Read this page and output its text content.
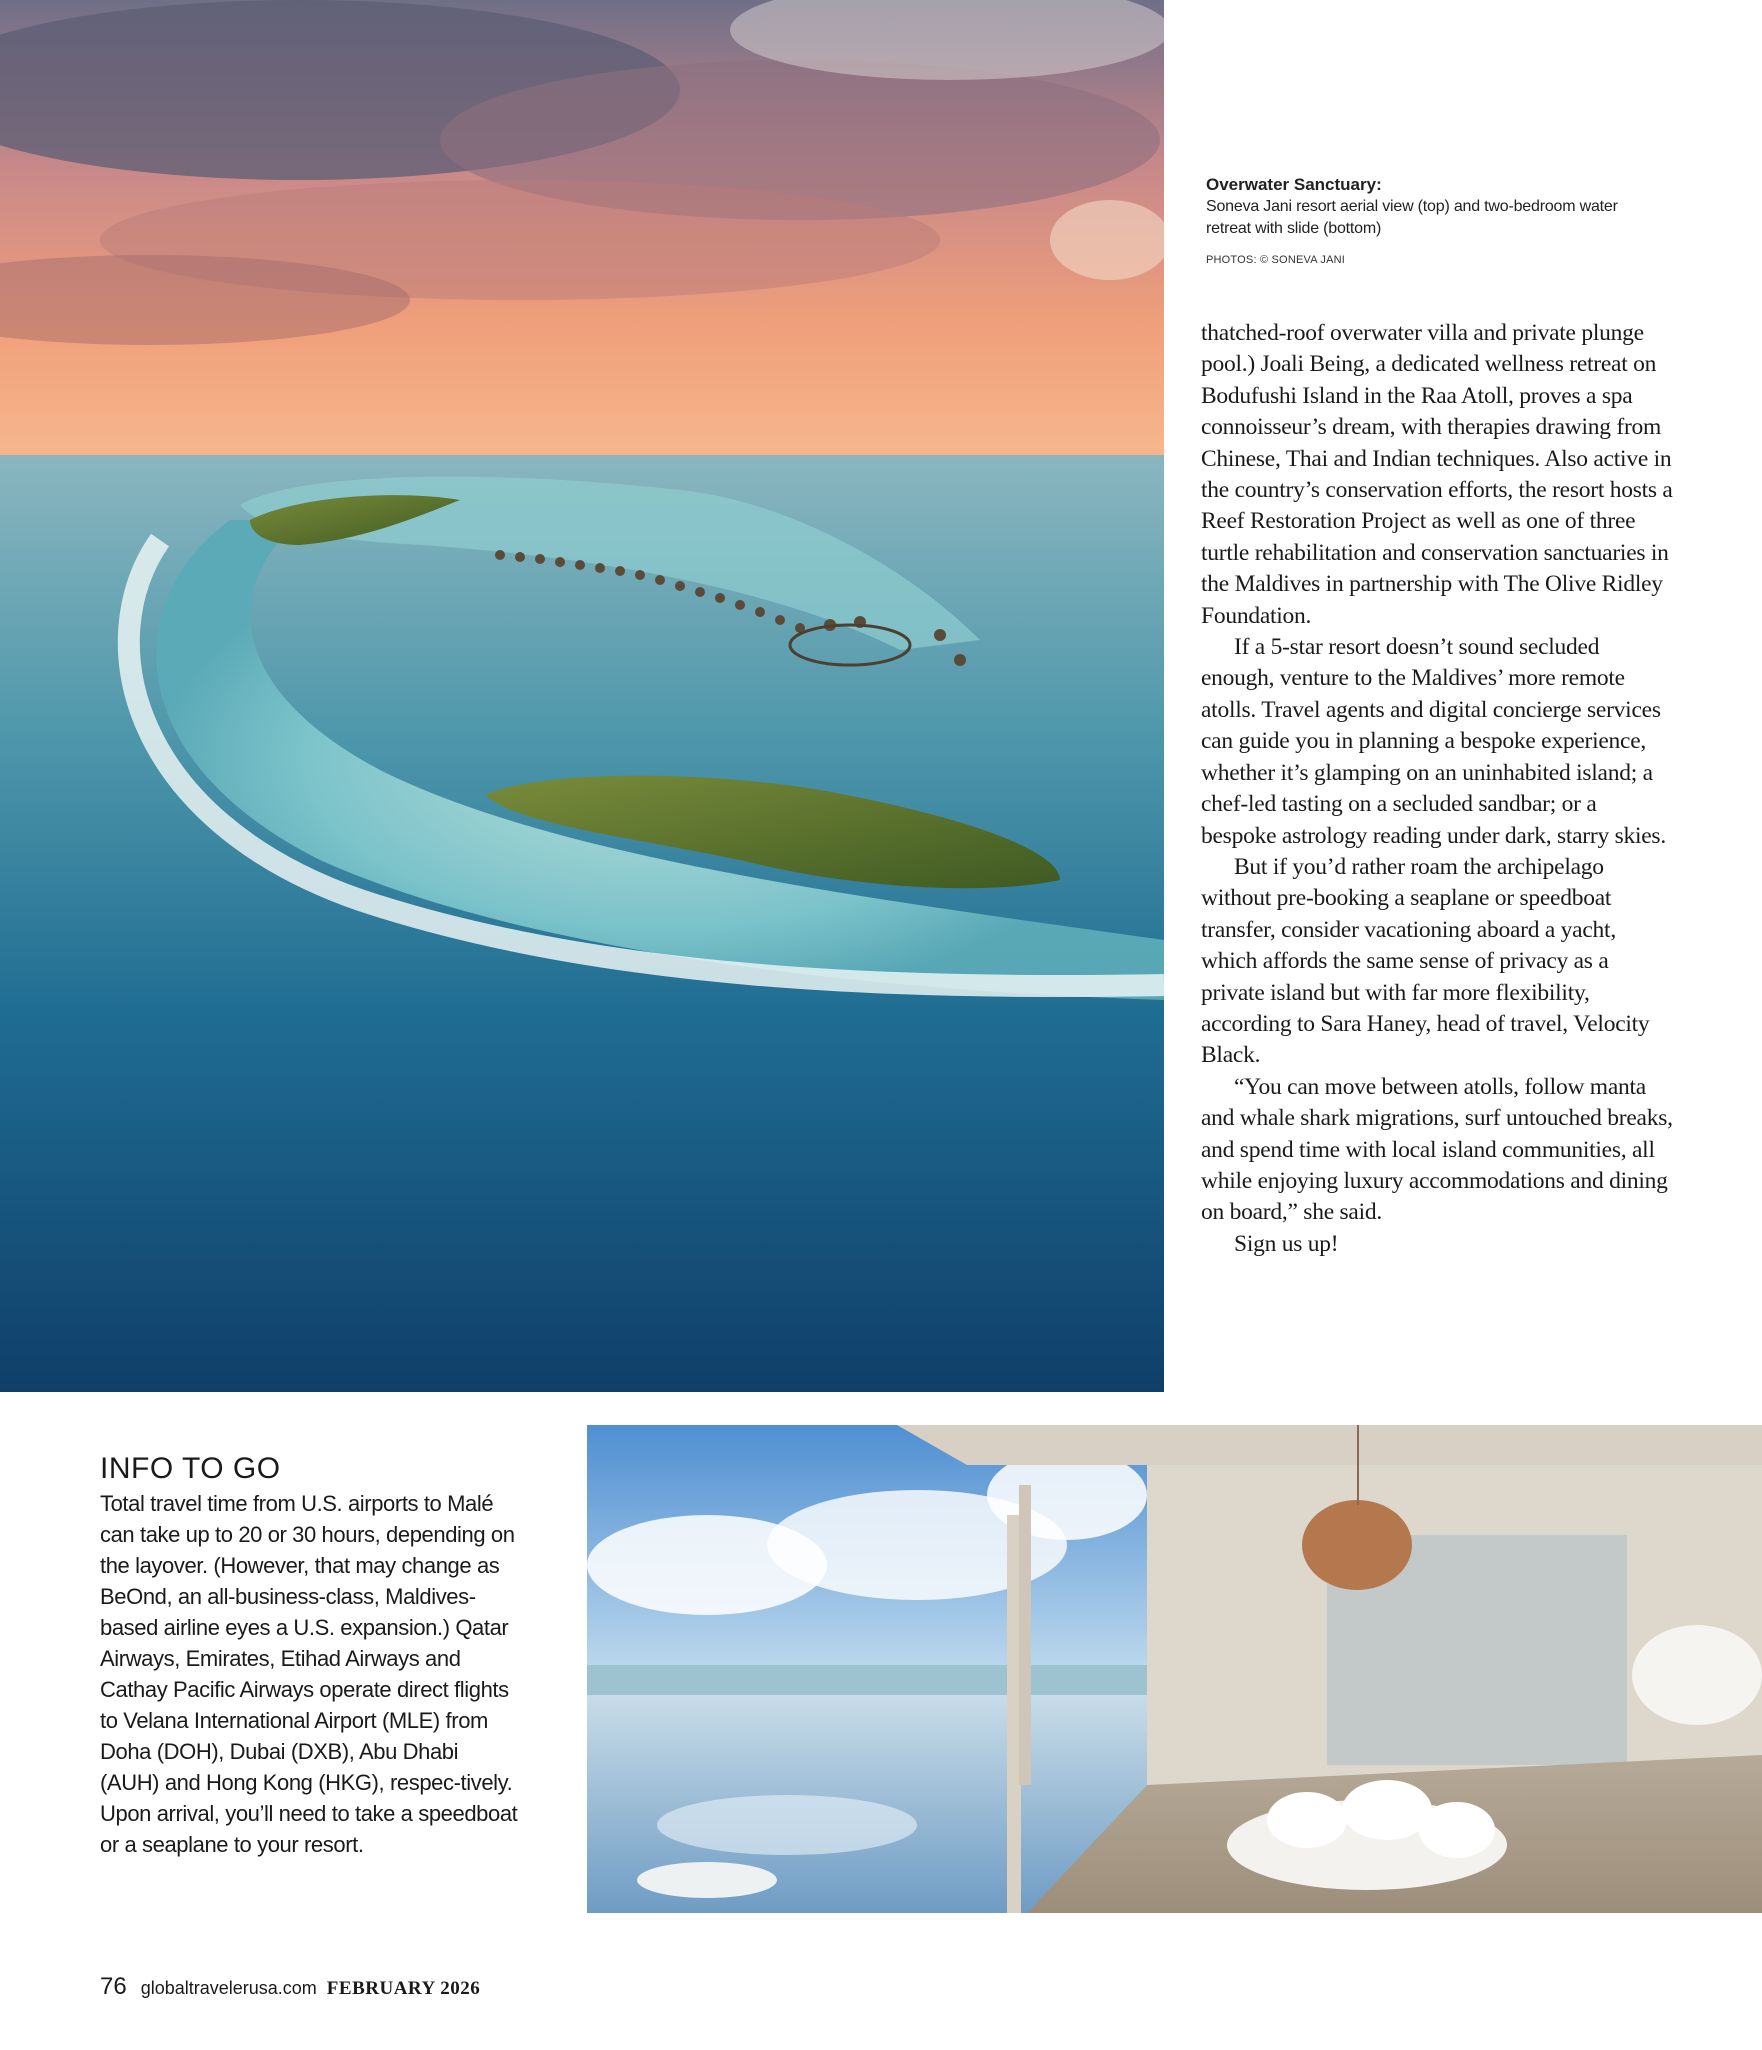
Overwater Sanctuary:

Soneva Jani resort aerial view (top) and two-bedroom water retreat with slide (bottom)

PHOTOS: © SONEVA JANI

thatched-roof overwater villa and private plunge pool.) Joali Being, a dedicated wellness retreat on Bodufushi Island in the Raa Atoll, proves a spa connoisseur’s dream, with therapies drawing from Chinese, Thai and Indian techniques. Also active in the country’s conservation efforts, the resort hosts a Reef Restoration Project as well as one of three turtle rehabilitation and conservation sanctuaries in the Maldives in partnership with The Olive Ridley Foundation.

If a 5-star resort doesn’t sound secluded enough, venture to the Maldives’ more remote atolls. Travel agents and digital concierge services can guide you in planning a bespoke experience, whether it’s glamping on an uninhabited island; a chef-led tasting on a secluded sandbar; or a bespoke astrology reading under dark, starry skies.

But if you’d rather roam the archipelago without pre-booking a seaplane or speedboat transfer, consider vacationing aboard a yacht, which affords the same sense of privacy as a private island but with far more flexibility, according to Sara Haney, head of travel, Velocity Black.

“You can move between atolls, follow manta and whale shark migrations, surf untouched breaks, and spend time with local island communities, all while enjoying luxury accommodations and dining on board,” she said.

Sign us up!

INFO TO GO

Total travel time from U.S. airports to Malé can take up to 20 or 30 hours, depending on the layover. (However, that may change as BeOnd, an all-business-class, Maldives-based airline eyes a U.S. expansion.) Qatar Airways, Emirates, Etihad Airways and Cathay Pacific Airways operate direct flights to Velana International Airport (MLE) from Doha (DOH), Dubai (DXB), Abu Dhabi (AUH) and Hong Kong (HKG), respec-tively. Upon arrival, you’ll need to take a speedboat or a seaplane to your resort.

76 globaltravelerusa.com FEBRUARY 2026
